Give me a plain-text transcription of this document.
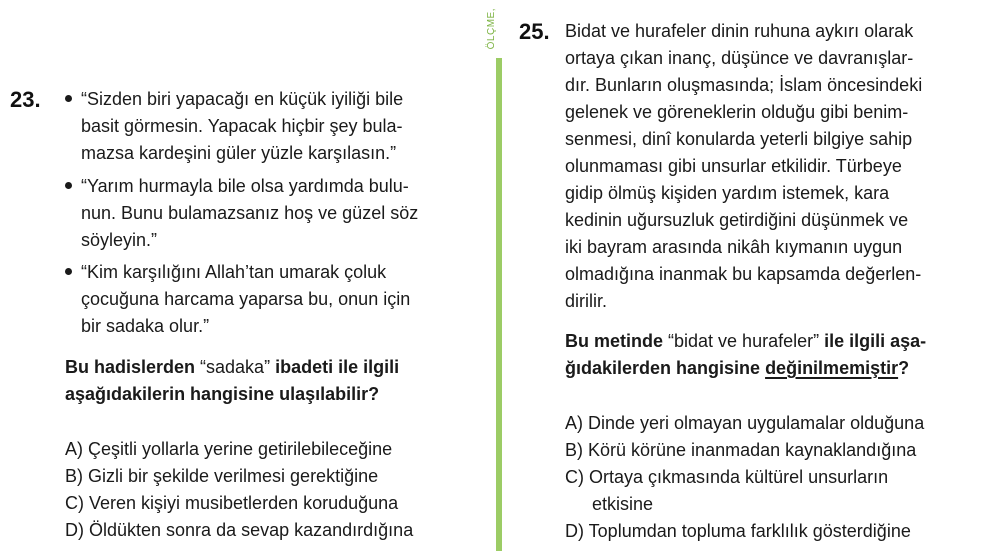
ÖLÇME,
23. “Sizden biri yapacağı en küçük iyiliği bile
basit görmesin. Yapacak hiçbir şey bula-
mazsa kardeşini güler yüzle karşılasın.”
“Yarım hurmayla bile olsa yardımda bulu-
nun. Bunu bulamazsanız hoş ve güzel söz
söyleyin.”
“Kim karşılığını Allah’tan umarak çoluk
çocuğuna harcama yaparsa bu, onun için
bir sadaka olur.”
Bu hadislerden “sadaka” ibadeti ile ilgili
aşağıdakilerin hangisine ulaşılabilir?
A) Çeşitli yollarla yerine getirilebileceğine
B) Gizli bir şekilde verilmesi gerektiğine
C) Veren kişiyi musibetlerden koruduğuna
D) Öldükten sonra da sevap kazandırdığına
25. Bidat ve hurafeler dinin ruhuna aykırı olarak
ortaya çıkan inanç, düşünce ve davranışlar-
dır. Bunların oluşmasında; İslam öncesindeki
gelenek ve göreneklerin olduğu gibi benim-
senmesi, dinî konularda yeterli bilgiye sahip
olunmaması gibi unsurlar etkilidir. Türbeye
gidip ölmüş kişiden yardım istemek, kara
kedinin uğursuzluk getirdiğini düşünmek ve
iki bayram arasında nikâh kıymanın uygun
olmadığına inanmak bu kapsamda değerlen-
dirilir.
Bu metinde “bidat ve hurafeler” ile ilgili aşa-
ğıdakilerden hangisine değinilmemiştir?
A) Dinde yeri olmayan uygulamalar olduğuna
B) Körü körüne inanmadan kaynaklandığına
C) Ortaya çıkmasında kültürel unsurların
etkisine
D) Toplumdan topluma farklılık gösterdiğine
